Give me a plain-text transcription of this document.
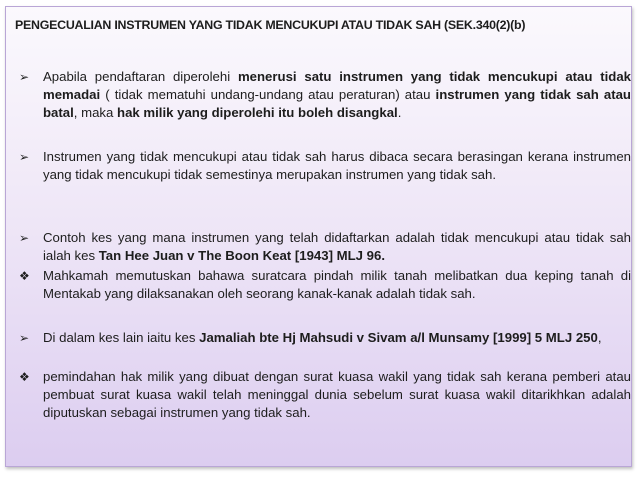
PENGECUALIAN INSTRUMEN YANG TIDAK MENCUKUPI ATAU TIDAK SAH (SEK.340(2)(b)
➢	Apabila pendaftaran diperolehi menerusi satu instrumen yang tidak mencukupi atau tidak memadai ( tidak mematuhi undang-undang atau peraturan) atau instrumen yang tidak sah atau batal, maka hak milik yang diperolehi itu boleh disangkal.
➢	Instrumen yang tidak mencukupi atau tidak sah harus dibaca secara berasingan kerana instrumen yang tidak mencukupi tidak semestinya merupakan instrumen yang tidak sah.
➢	Contoh kes yang mana instrumen yang telah didaftarkan adalah tidak mencukupi atau tidak sah ialah kes Tan Hee Juan v The Boon Keat [1943] MLJ 96.
❖	Mahkamah memutuskan bahawa suratcara pindah milik tanah melibatkan dua keping tanah di Mentakab yang dilaksanakan oleh seorang kanak-kanak adalah tidak sah.
➢	Di dalam kes lain iaitu kes Jamaliah bte Hj Mahsudi v Sivam a/l Munsamy [1999] 5 MLJ 250,
❖	pemindahan hak milik yang dibuat dengan surat kuasa wakil yang tidak sah kerana pemberi atau pembuat surat kuasa wakil telah meninggal dunia sebelum surat kuasa wakil ditarikhkan adalah diputuskan sebagai instrumen yang tidak sah.
